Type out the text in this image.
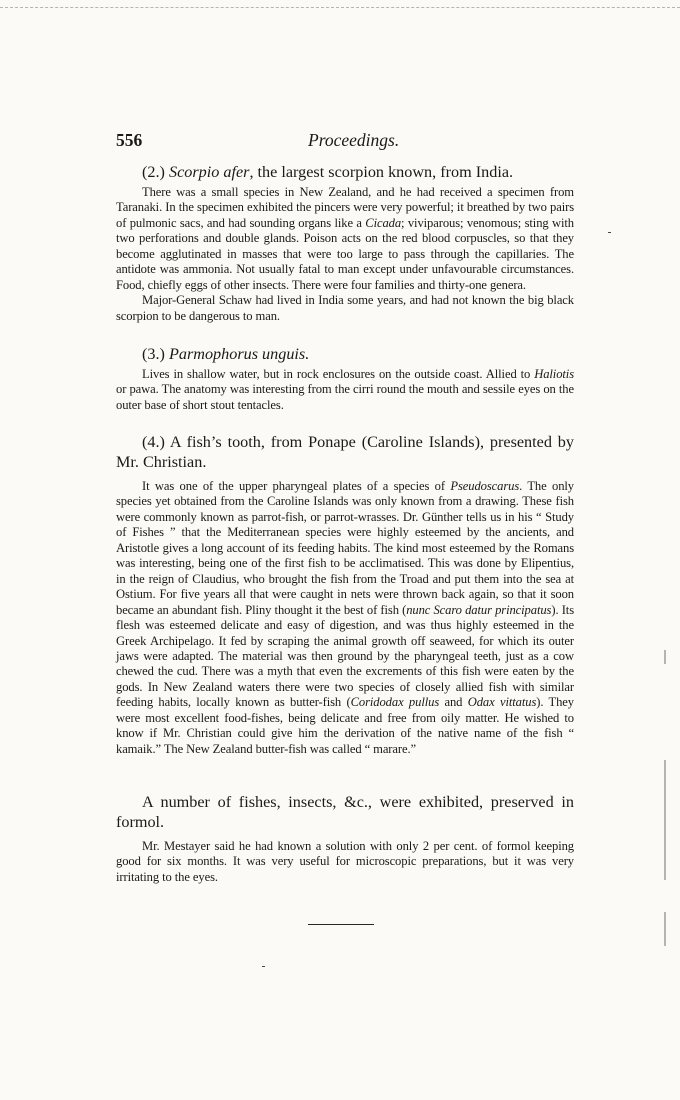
556	Proceedings.

(2.) Scorpio afer, the largest scorpion known, from India.

There was a small species in New Zealand, and he had received a specimen from Taranaki. In the specimen exhibited the pincers were very powerful; it breathed by two pairs of pulmonic sacs, and had sounding organs like a Cicada; viviparous; venomous; sting with two perforations and double glands. Poison acts on the red blood corpuscles, so that they become agglutinated in masses that were too large to pass through the capillaries. The antidote was ammonia. Not usually fatal to man except under unfavourable circumstances. Food, chiefly eggs of other insects. There were four families and thirty-one genera.

Major-General Schaw had lived in India some years, and had not known the big black scorpion to be dangerous to man.

(3.) Parmophorus unguis.

Lives in shallow water, but in rock enclosures on the outside coast. Allied to Haliotis or pawa. The anatomy was interesting from the cirri round the mouth and sessile eyes on the outer base of short stout tentacles.

(4.) A fish’s tooth, from Ponape (Caroline Islands), presented by Mr. Christian.

It was one of the upper pharyngeal plates of a species of Pseudoscarus. The only species yet obtained from the Caroline Islands was only known from a drawing. These fish were commonly known as parrot-fish, or parrot-wrasses. Dr. Günther tells us in his “ Study of Fishes ” that the Mediterranean species were highly esteemed by the ancients, and Aristotle gives a long account of its feeding habits. The kind most esteemed by the Romans was interesting, being one of the first fish to be acclimatised. This was done by Elipentius, in the reign of Claudius, who brought the fish from the Troad and put them into the sea at Ostium. For five years all that were caught in nets were thrown back again, so that it soon became an abundant fish. Pliny thought it the best of fish (nunc Scaro datur principatus). Its flesh was esteemed delicate and easy of digestion, and was thus highly esteemed in the Greek Archipelago. It fed by scraping the animal growth off seaweed, for which its outer jaws were adapted. The material was then ground by the pharyngeal teeth, just as a cow chewed the cud. There was a myth that even the excrements of this fish were eaten by the gods. In New Zealand waters there were two species of closely allied fish with similar feeding habits, locally known as butter-fish (Coridodax pullus and Odax vittatus). They were most excellent food-fishes, being delicate and free from oily matter. He wished to know if Mr. Christian could give him the derivation of the native name of the fish “ kamaik.” The New Zealand butter-fish was called “ marare.”

A number of fishes, insects, &c., were exhibited, preserved in formol.

Mr. Mestayer said he had known a solution with only 2 per cent. of formol keeping good for six months. It was very useful for microscopic preparations, but it was very irritating to the eyes.
